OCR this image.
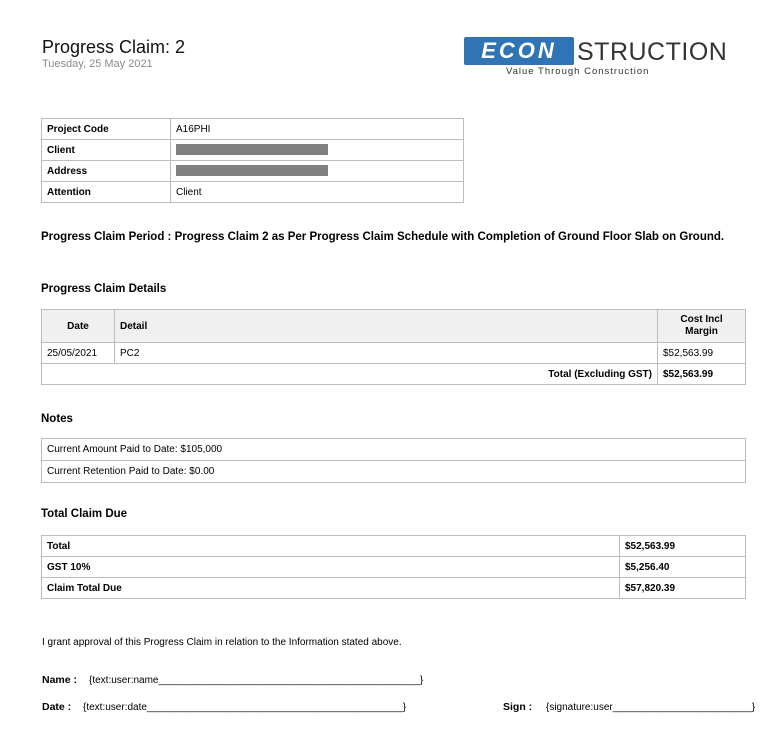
Progress Claim: 2
Tuesday, 25 May 2021
ECON STRUCTION
Value Through Construction
Project Code	A16PHI
Client	
Address	
Attention	Client
Progress Claim Period : Progress Claim 2 as Per Progress Claim Schedule with Completion of Ground Floor Slab on Ground.
Progress Claim Details
Date	Detail	Cost Incl Margin
25/05/2021	PC2	$52,563.99
Total (Excluding GST)		$52,563.99
Notes
Current Amount Paid to Date: $105,000
Current Retention Paid to Date: $0.00
Total Claim Due
Total	$52,563.99
GST 10%	$5,256.40
Claim Total Due	$57,820.39
I grant approval of this Progress Claim in relation to the Information stated above.
Name : {text:user:name_______________________________________________}
Date : {text:user:date______________________________________________}	Sign : {signature:user_________________________}
